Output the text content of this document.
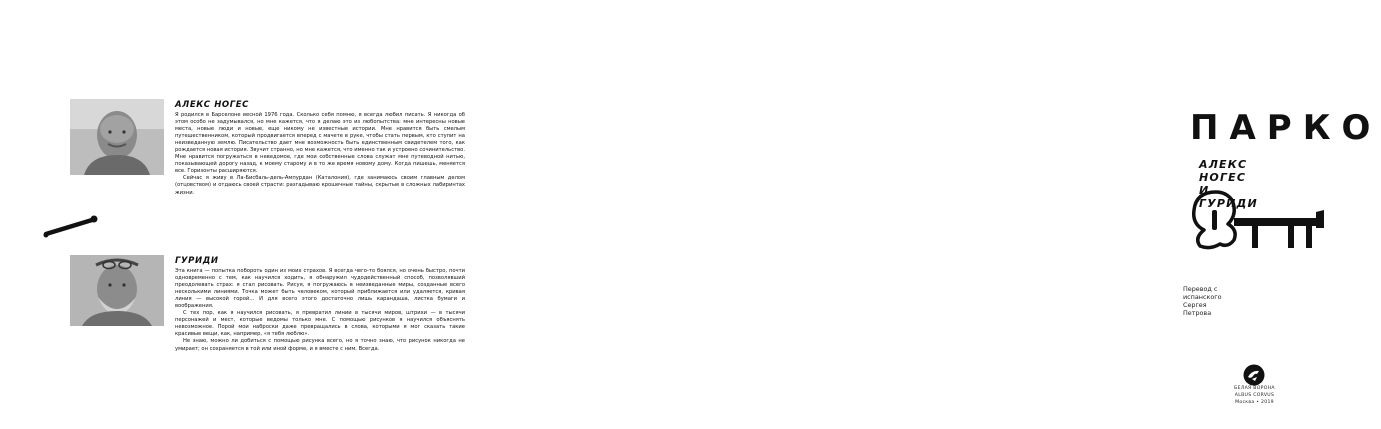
АЛЕКС НОГЕС

Я родился в Барселоне весной 1976 года. Сколько себя помню, я всегда любил писать. Я никогда об этом особо не задумывался, но мне кажется, что я делаю это из любопытства: мне интересны новые места, новые люди и новые, еще никому не известные истории. Мне нравится быть смелым путешественником, который продвигается вперед с мачете в руке, чтобы стать первым, кто ступит на неизведанную землю. Писательство дает мне возможность быть единственным свидетелем того, как рождается новая история. Звучит странно, но мне кажется, что именно так и устроено сочинительство. Мне нравится погружаться в неведомое, где мои собственные слова служат мне путеводной нитью, показывающей дорогу назад, к моему старому и в то же время новому дому. Когда пишешь, меняется все. Горизонты расширяются.

Сейчас я живу в Ла-Бисбаль-дель-Ампурдан (Каталония), где занимаюсь своим главным делом (отцовством) и отдаюсь своей страсти: разгадываю крошечные тайны, скрытые в сложных лабиринтах жизни.

ГУРИДИ

Эта книга — попытка побороть один из моих страхов. Я всегда чего-то боялся, но очень быстро, почти одновременно с тем, как научился ходить, я обнаружил чудодейственный способ, позволявший преодолевать страх: я стал рисовать. Рисуя, я погружаюсь в неизведанные миры, созданные всего несколькими линиями. Точка может быть человеком, который приближается или удаляется, кривая линия — высокой горой… И для всего этого достаточно лишь карандаша, листка бумаги и воображения.

С тех пор, как я научился рисовать, я превратил линии в тысячи миров, штрихи — в тысячи персонажей и мест, которые ведомы только мне. С помощью рисунков я научился объяснять невозможное. Порой мои наброски даже превращались в слова, которыми я мог сказать такие красивые вещи, как, например, «я тебя люблю».

Не знаю, можно ли добиться с помощью рисунка всего, но я точно знаю, что рисунок никогда не умирает; он сохраняется в той или иной форме, и я вместе с ним. Всегда.

ПАРКО
АЛЕКС НОГЕС И ГУРИДИ
Перевод с испанского Сергея Петрова
БЕЛАЯ ВОРОНА
ALBUS CORVUS
Москва • 2019
